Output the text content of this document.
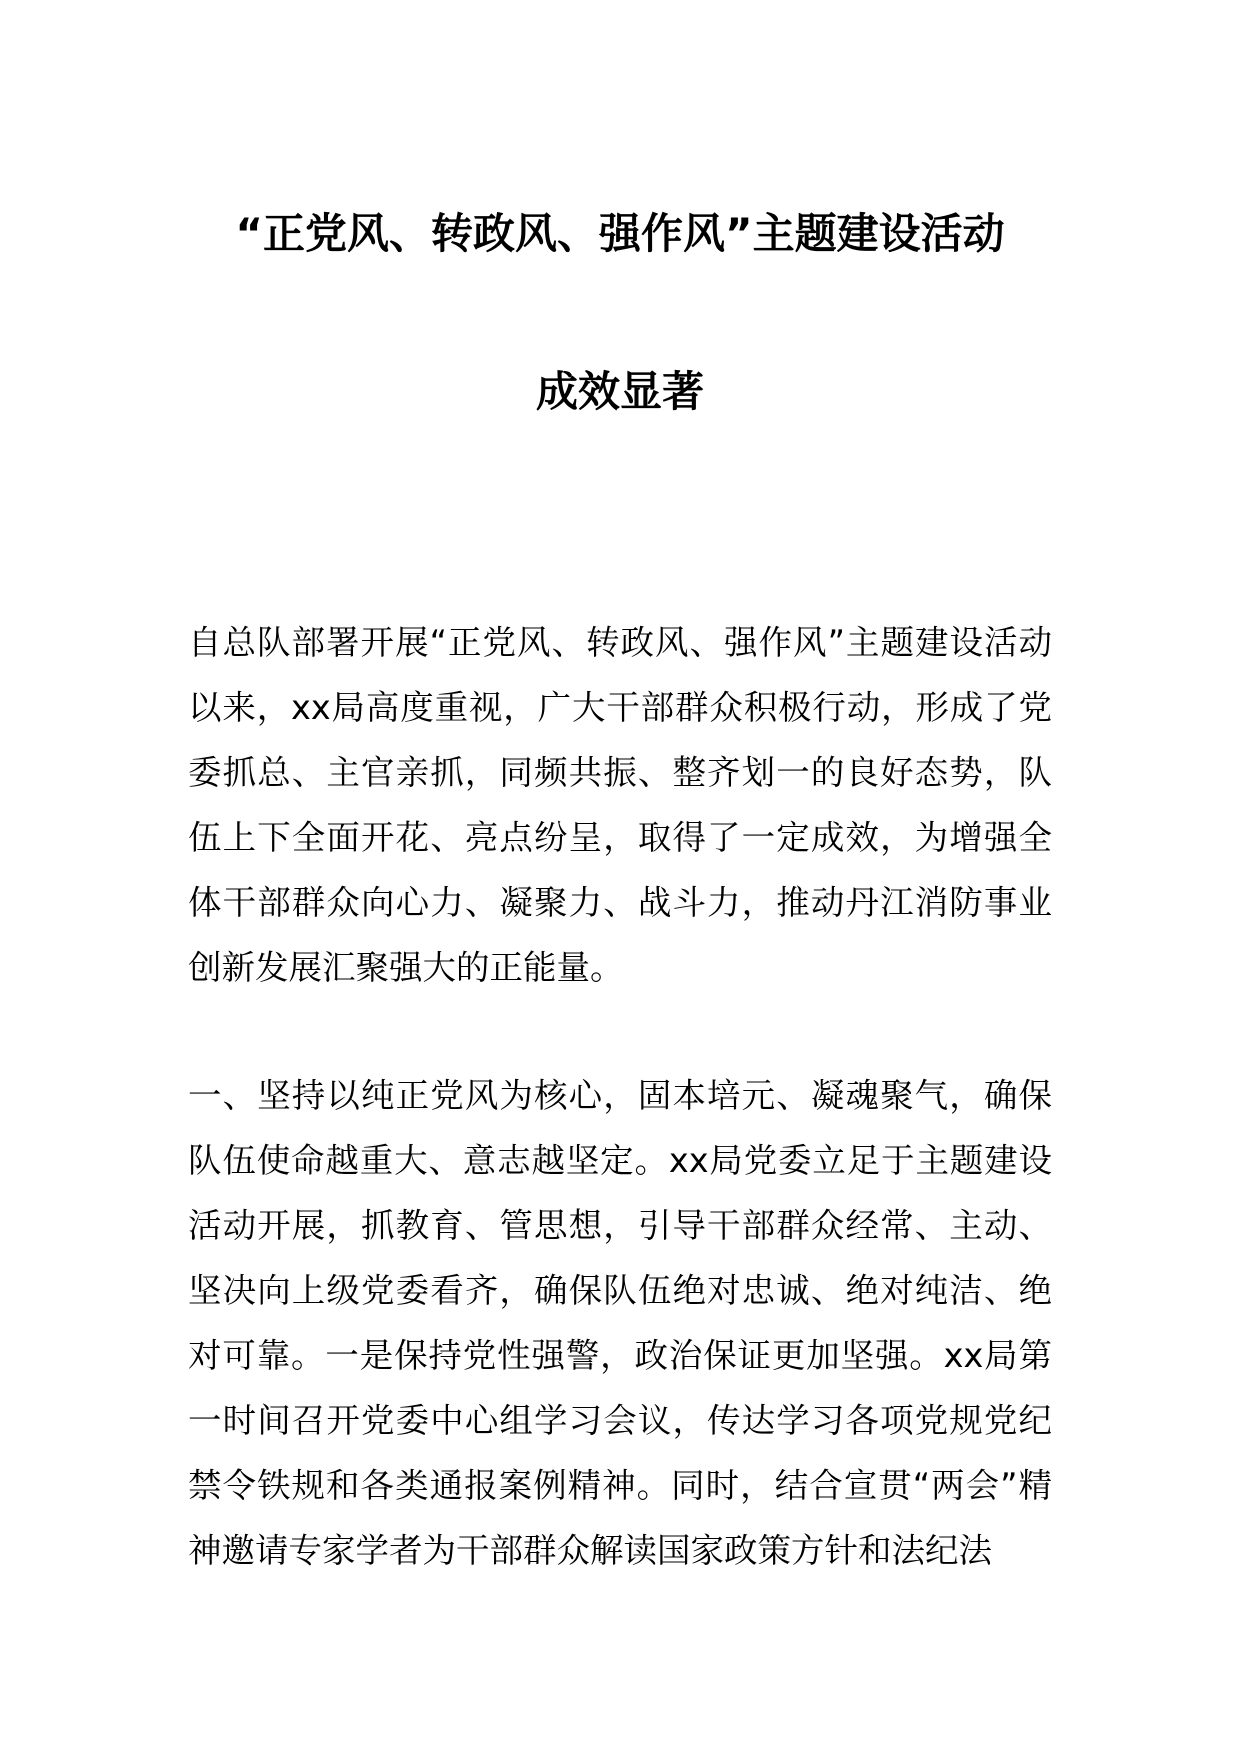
“正党风、转政风、强作风”主题建设活动
成效显著

自总队部署开展“正党风、转政风、强作风”主题建设活动以来，xx局高度重视，广大干部群众积极行动，形成了党委抓总、主官亲抓，同频共振、整齐划一的良好态势，队伍上下全面开花、亮点纷呈，取得了一定成效，为增强全体干部群众向心力、凝聚力、战斗力，推动丹江消防事业创新发展汇聚强大的正能量。

一、坚持以纯正党风为核心，固本培元、凝魂聚气，确保队伍使命越重大、意志越坚定。xx局党委立足于主题建设活动开展，抓教育、管思想，引导干部群众经常、主动、坚决向上级党委看齐，确保队伍绝对忠诚、绝对纯洁、绝对可靠。一是保持党性强警，政治保证更加坚强。xx局第一时间召开党委中心组学习会议，传达学习各项党规党纪禁令铁规和各类通报案例精神。同时，结合宣贯“两会”精神邀请专家学者为干部群众解读国家政策方针和法纪法
